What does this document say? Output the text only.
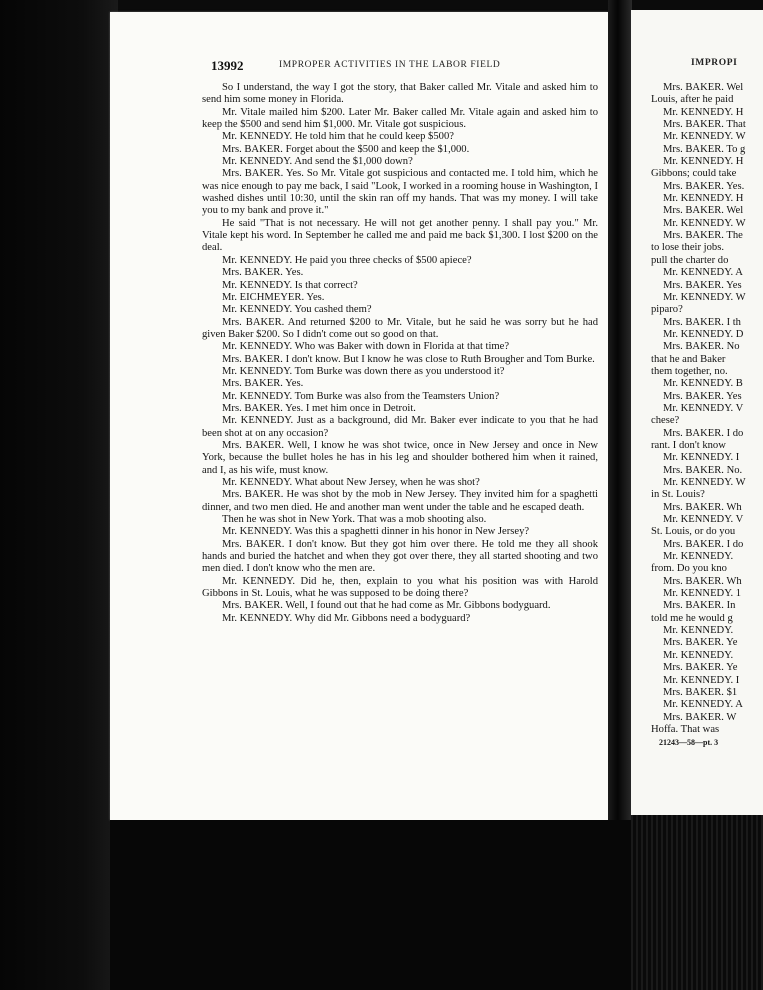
13992	IMPROPER ACTIVITIES IN THE LABOR FIELD

So I understand, the way I got the story, that Baker called Mr. Vitale and asked him to send him some money in Florida.

Mr. Vitale mailed him $200. Later Mr. Baker called Mr. Vitale again and asked him to keep the $500 and send him $1,000. Mr. Vitale got suspicious.

Mr. KENNEDY. He told him that he could keep $500?

Mrs. BAKER. Forget about the $500 and keep the $1,000.

Mr. KENNEDY. And send the $1,000 down?

Mrs. BAKER. Yes. So Mr. Vitale got suspicious and contacted me. I told him, which he was nice enough to pay me back, I said "Look, I worked in a rooming house in Washington, I washed dishes until 10:30, until the skin ran off my hands. That was my money. I will take you to my bank and prove it."

He said "That is not necessary. He will not get another penny. I shall pay you." Mr. Vitale kept his word. In September he called me and paid me back $1,300. I lost $200 on the deal.

Mr. KENNEDY. He paid you three checks of $500 apiece?

Mrs. BAKER. Yes.

Mr. KENNEDY. Is that correct?

Mr. EICHMEYER. Yes.

Mr. KENNEDY. You cashed them?

Mrs. BAKER. And returned $200 to Mr. Vitale, but he said he was sorry but he had given Baker $200. So I didn't come out so good on that.

Mr. KENNEDY. Who was Baker with down in Florida at that time?

Mrs. BAKER. I don't know. But I know he was close to Ruth Brougher and Tom Burke.

Mr. KENNEDY. Tom Burke was down there as you understood it?

Mrs. BAKER. Yes.

Mr. KENNEDY. Tom Burke was also from the Teamsters Union?

Mrs. BAKER. Yes. I met him once in Detroit.

Mr. KENNEDY. Just as a background, did Mr. Baker ever indicate to you that he had been shot at on any occasion?

Mrs. BAKER. Well, I know he was shot twice, once in New Jersey and once in New York, because the bullet holes he has in his leg and shoulder bothered him when it rained, and I, as his wife, must know.

Mr. KENNEDY. What about New Jersey, when he was shot?

Mrs. BAKER. He was shot by the mob in New Jersey. They invited him for a spaghetti dinner, and two men died. He and another man went under the table and he escaped death.

Then he was shot in New York. That was a mob shooting also.

Mr. KENNEDY. Was this a spaghetti dinner in his honor in New Jersey?

Mrs. BAKER. I don't know. But they got him over there. He told me they all shook hands and buried the hatchet and when they got over there, they all started shooting and two men died. I don't know who the men are.

Mr. KENNEDY. Did he, then, explain to you what his position was with Harold Gibbons in St. Louis, what he was supposed to be doing there?

Mrs. BAKER. Well, I found out that he had come as Mr. Gibbons bodyguard.

Mr. KENNEDY. Why did Mr. Gibbons need a bodyguard?

IMPROPI
Mrs. BAKER. Wel
Louis, after he paid
Mr. KENNEDY. H
Mrs. BAKER. That
Mr. KENNEDY. W
Mrs. BAKER. To g
Mr. KENNEDY. H
Gibbons; could take
Mrs. BAKER. Yes.
Mr. KENNEDY. H
Mrs. BAKER. Wel
Mr. KENNEDY. W
Mrs. BAKER. The
to lose their jobs.
pull the charter do
Mr. KENNEDY. A
Mrs. BAKER. Yes
Mr. KENNEDY. W
piparo?
Mrs. BAKER. I th
Mr. KENNEDY. D
Mrs. BAKER. No
that he and Baker
them together, no.
Mr. KENNEDY. B
Mrs. BAKER. Yes
Mr. KENNEDY. V
chese?
Mrs. BAKER. I do
rant. I don't know
Mr. KENNEDY. I
Mrs. BAKER. No.
Mr. KENNEDY. W
in St. Louis?
Mrs. BAKER. Wh
Mr. KENNEDY. V
St. Louis, or do you
Mrs. BAKER. I do
Mr. KENNEDY.
from. Do you kno
Mrs. BAKER. Wh
Mr. KENNEDY. 1
Mrs. BAKER. In
told me he would g
Mr. KENNEDY.
Mrs. BAKER. Ye
Mr. KENNEDY.
Mrs. BAKER. Ye
Mr. KENNEDY. I
Mrs. BAKER. $1
Mr. KENNEDY. A
Mrs. BAKER. W
Hoffa. That was
21243—58—pt. 3
